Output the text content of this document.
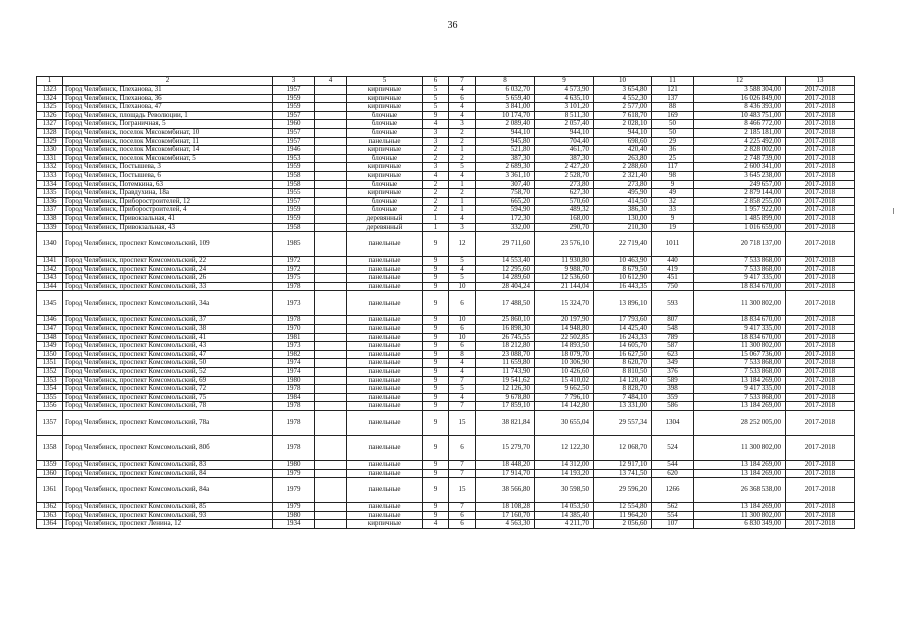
36
1	2	3	4	5	6	7	8	9	10	11	12	13
1323	Город Челябинск, Плеханова, 31	1957		кирпичные	5	4	6 032,70	4 573,90	3 654,80	121	3 588 304,00	2017-2018
1324	Город Челябинск, Плеханова, 36	1959		кирпичные	5	6	5 659,40	4 635,10	4 552,30	137	16 026 849,00	2017-2018
1325	Город Челябинск, Плеханова, 47	1959		кирпичные	5	4	3 841,00	3 101,20	2 577,00	88	8 436 393,00	2017-2018
1326	Город Челябинск, площадь Революции, 1	1957		блочные	9	4	10 174,70	8 511,30	7 618,70	169	10 483 751,00	2017-2018
1327	Город Челябинск, Пограничная, 5	1960		блочные	4	3	2 089,40	2 057,40	2 028,10	50	8 466 772,00	2017-2018
1328	Город Челябинск, поселок Мясокомбинат, 10	1957		блочные	3	2	944,10	944,10	944,10	50	2 185 181,00	2017-2018
1329	Город Челябинск, поселок Мясокомбинат, 11	1957		панельные	3	2	945,80	704,40	698,60	29	4 225 492,00	2017-2018
1330	Город Челябинск, поселок Мясокомбинат, 14	1946		кирпичные	2	1	521,80	461,70	420,40	36	2 828 002,00	2017-2018
1331	Город Челябинск, поселок Мясокомбинат, 5	1953		блочные	2	2	387,30	387,30	263,80	25	2 748 739,00	2017-2018
1332	Город Челябинск, Постышева, 3	1959		кирпичные	3	5	2 689,30	2 427,20	2 288,60	117	2 600 341,00	2017-2018
1333	Город Челябинск, Постышева, 6	1958		кирпичные	4	4	3 361,10	2 528,70	2 321,40	98	3 645 238,00	2017-2018
1334	Город Челябинск, Потемкина, 63	1958		блочные	2	1	307,40	273,80	273,80	9	249 657,00	2017-2018
1335	Город Челябинск, Правдухина, 18а	1955		кирпичные	2	2	758,70	627,30	495,90	49	2 879 144,00	2017-2018
1336	Город Челябинск, Приборостроителей, 12	1957		блочные	2	1	665,20	570,60	414,50	32	2 858 255,00	2017-2018
1337	Город Челябинск, Приборостроителей, 4	1959		блочные	2	1	594,90	489,32	386,30	33	1 957 922,00	2017-2018
1338	Город Челябинск, Привокзальная, 41	1959		деревянный	1	4	172,30	168,00	130,00	9	1 485 899,00	2017-2018
1339	Город Челябинск, Привокзальная, 43	1958		деревянный	1	3	332,00	290,70	210,30	19	1 016 659,00	2017-2018
1340	Город Челябинск, проспект Комсомольский, 109	1985		панельные	9	12	29 711,60	23 576,10	22 719,40	1011	20 718 137,00	2017-2018
1341	Город Челябинск, проспект Комсомольский, 22	1972		панельные	9	5	14 553,40	11 930,80	10 463,90	440	7 533 868,00	2017-2018
1342	Город Челябинск, проспект Комсомольский, 24	1972		панельные	9	4	12 295,60	9 988,70	8 679,50	419	7 533 868,00	2017-2018
1343	Город Челябинск, проспект Комсомольский, 26	1975		панельные	9	5	14 289,60	12 536,60	10 612,90	451	9 417 335,00	2017-2018
1344	Город Челябинск, проспект Комсомольский, 33	1978		панельные	9	10	28 404,24	21 144,04	16 443,35	750	18 834 670,00	2017-2018
1345	Город Челябинск, проспект Комсомольский, 34а	1973		панельные	9	6	17 488,50	15 324,70	13 896,10	593	11 300 802,00	2017-2018
1346	Город Челябинск, проспект Комсомольский, 37	1978		панельные	9	10	25 860,10	20 197,90	17 793,60	807	18 834 670,00	2017-2018
1347	Город Челябинск, проспект Комсомольский, 38	1970		панельные	9	6	16 898,30	14 948,80	14 425,40	548	9 417 335,00	2017-2018
1348	Город Челябинск, проспект Комсомольский, 41	1981		панельные	9	10	26 745,55	22 502,85	16 243,33	789	18 834 670,00	2017-2018
1349	Город Челябинск, проспект Комсомольский, 43	1973		панельные	9	6	18 212,80	14 893,50	14 605,70	587	11 300 802,00	2017-2018
1350	Город Челябинск, проспект Комсомольский, 47	1982		панельные	9	8	23 088,70	18 079,70	16 627,50	623	15 067 736,00	2017-2018
1351	Город Челябинск, проспект Комсомольский, 50	1974		панельные	9	4	11 659,80	10 306,90	8 620,70	349	7 533 868,00	2017-2018
1352	Город Челябинск, проспект Комсомольский, 52	1974		панельные	9	4	11 743,90	10 426,60	8 810,50	376	7 533 868,00	2017-2018
1353	Город Челябинск, проспект Комсомольский, 69	1980		панельные	9	7	19 541,62	15 410,02	14 120,40	589	13 184 269,00	2017-2018
1354	Город Челябинск, проспект Комсомольский, 72	1978		панельные	9	5	12 126,30	9 662,50	8 828,70	398	9 417 335,00	2017-2018
1355	Город Челябинск, проспект Комсомольский, 75	1984		панельные	9	4	9 678,80	7 796,10	7 484,10	359	7 533 868,00	2017-2018
1356	Город Челябинск, проспект Комсомольский, 78	1978		панельные	9	7	17 859,10	14 142,80	13 331,00	586	13 184 269,00	2017-2018
1357	Город Челябинск, проспект Комсомольский, 78а	1978		панельные	9	15	38 821,84	30 655,04	29 557,34	1304	28 252 005,00	2017-2018
1358	Город Челябинск, проспект Комсомольский, 80б	1978		панельные	9	6	15 279,70	12 122,30	12 068,70	524	11 300 802,00	2017-2018
1359	Город Челябинск, проспект Комсомольский, 83	1980		панельные	9	7	18 448,20	14 312,00	12 917,10	544	13 184 269,00	2017-2018
1360	Город Челябинск, проспект Комсомольский, 84	1979		панельные	9	7	17 914,70	14 193,20	13 741,50	620	13 184 269,00	2017-2018
1361	Город Челябинск, проспект Комсомольский, 84а	1979		панельные	9	15	38 566,80	30 598,50	29 596,20	1266	26 368 538,00	2017-2018
1362	Город Челябинск, проспект Комсомольский, 85	1979		панельные	9	7	18 108,28	14 053,50	12 554,80	562	13 184 269,00	2017-2018
1363	Город Челябинск, проспект Комсомольский, 93	1980		панельные	9	6	17 160,70	14 385,40	11 964,20	554	11 300 802,00	2017-2018
1364	Город Челябинск, проспект Ленина, 12	1934		кирпичные	4	6	4 563,30	4 211,70	2 056,60	107	6 830 349,00	2017-2018
